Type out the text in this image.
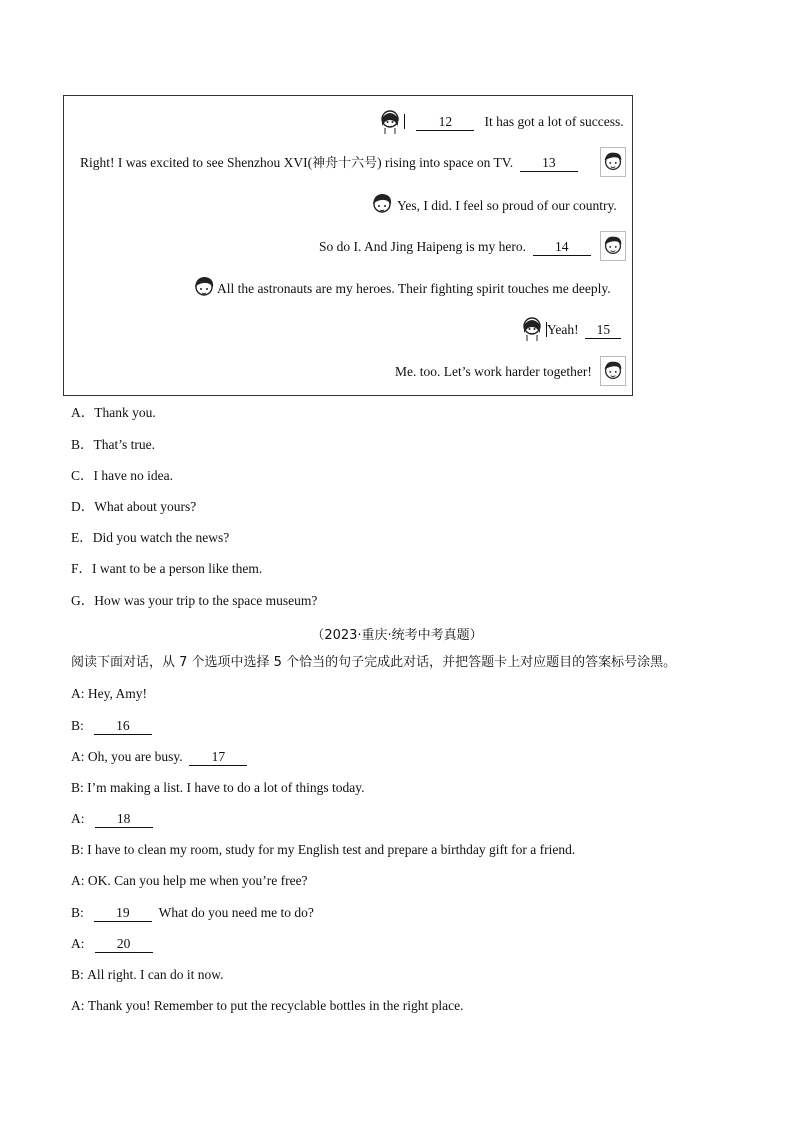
12 It has got a lot of success.
Right! I was excited to see Shenzhou XVI(神舟十六号) rising into space on TV. 13
Yes, I did. I feel so proud of our country.
So do I. And Jing Haipeng is my hero. 14
All the astronauts are my heroes. Their fighting spirit touches me deeply.
Yeah! 15
Me. too. Let’s work harder together!
A．Thank you.
B．That’s true.
C．I have no idea.
D．What about yours?
E．Did you watch the news?
F．I want to be a person like them.
G．How was your trip to the space museum?
（2023·重庆·统考中考真题）
阅读下面对话，从 7 个选项中选择 5 个恰当的句子完成此对话，并把答题卡上对应题目的答案标号涂黑。
A: Hey, Amy!
B: 16
A: Oh, you are busy. 17
B: I’m making a list. I have to do a lot of things today.
A: 18
B: I have to clean my room, study for my English test and prepare a birthday gift for a friend.
A: OK. Can you help me when you’re free?
B: 19 What do you need me to do?
A: 20
B: All right. I can do it now.
A: Thank you! Remember to put the recyclable bottles in the right place.
